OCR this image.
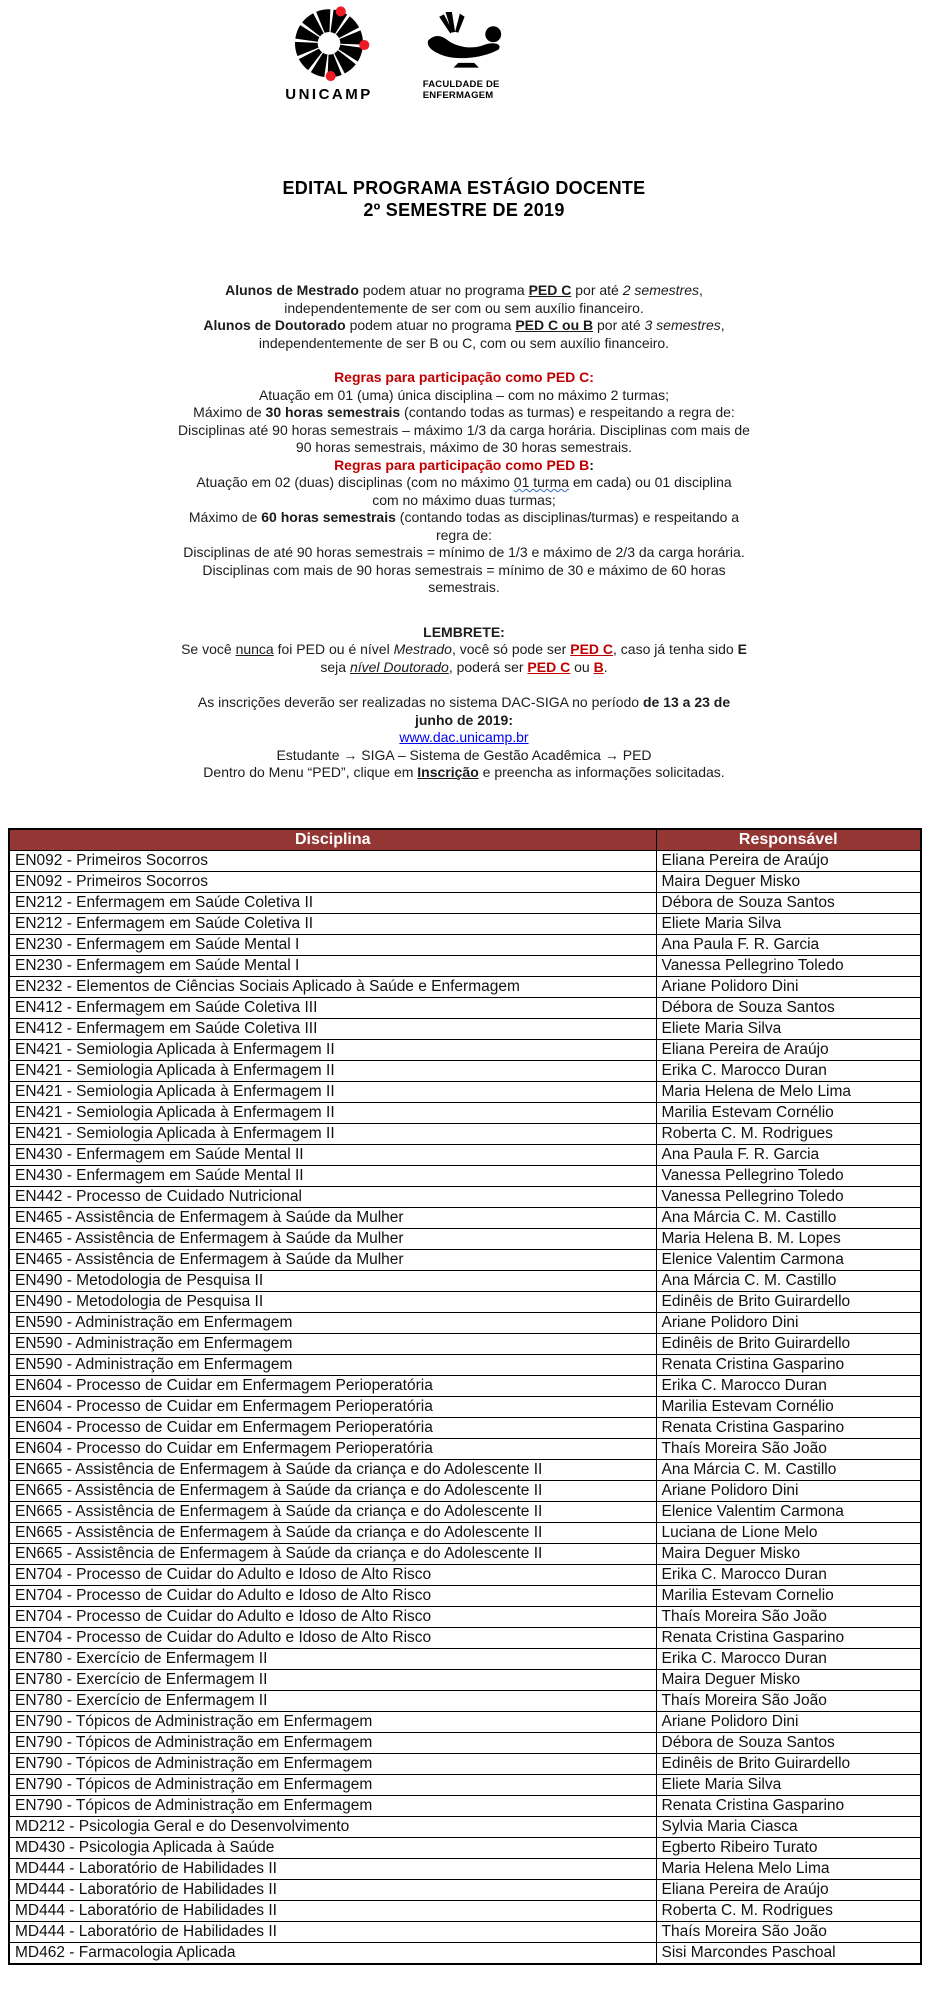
UNICAMP
FACULDADE DE
ENFERMAGEM
EDITAL PROGRAMA ESTÁGIO DOCENTE
2º SEMESTRE DE 2019
Alunos de Mestrado podem atuar no programa PED C por até 2 semestres,
independentemente de ser com ou sem auxílio financeiro.
Alunos de Doutorado podem atuar no programa PED C ou B por até 3 semestres,
independentemente de ser B ou C, com ou sem auxílio financeiro.
Regras para participação como PED C:
Atuação em 01 (uma) única disciplina – com no máximo 2 turmas;
Máximo de 30 horas semestrais (contando todas as turmas) e respeitando a regra de:
Disciplinas até 90 horas semestrais – máximo 1/3 da carga horária. Disciplinas com mais de
90 horas semestrais, máximo de 30 horas semestrais.
Regras para participação como PED B:
Atuação em 02 (duas) disciplinas (com no máximo 01 turma em cada) ou 01 disciplina
com no máximo duas turmas;
Máximo de 60 horas semestrais (contando todas as disciplinas/turmas) e respeitando a
regra de:
Disciplinas de até 90 horas semestrais = mínimo de 1/3 e máximo de 2/3 da carga horária.
Disciplinas com mais de 90 horas semestrais = mínimo de 30 e máximo de 60 horas
semestrais.
LEMBRETE:
Se você nunca foi PED ou é nível Mestrado, você só pode ser PED C, caso já tenha sido E
seja nível Doutorado, poderá ser PED C ou B.
As inscrições deverão ser realizadas no sistema DAC-SIGA no período de 13 a 23 de
junho de 2019:
www.dac.unicamp.br
Estudante → SIGA – Sistema de Gestão Acadêmica → PED
Dentro do Menu “PED”, clique em Inscrição e preencha as informações solicitadas.
Disciplina	Responsável
EN092 - Primeiros Socorros	Eliana Pereira de Araújo
EN092 - Primeiros Socorros	Maira Deguer Misko
EN212 - Enfermagem em Saúde Coletiva II	Débora de Souza Santos
EN212 - Enfermagem em Saúde Coletiva II	Eliete Maria Silva
EN230 - Enfermagem em Saúde Mental I	Ana Paula F. R. Garcia
EN230 - Enfermagem em Saúde Mental I	Vanessa Pellegrino Toledo
EN232 - Elementos de Ciências Sociais Aplicado à Saúde e Enfermagem	Ariane Polidoro Dini
EN412 - Enfermagem em Saúde Coletiva III	Débora de Souza Santos
EN412 - Enfermagem em Saúde Coletiva III	Eliete Maria Silva
EN421 - Semiologia Aplicada à Enfermagem II	Eliana Pereira de Araújo
EN421 - Semiologia Aplicada à Enfermagem II	Erika C. Marocco Duran
EN421 - Semiologia Aplicada à Enfermagem II	Maria Helena de Melo Lima
EN421 - Semiologia Aplicada à Enfermagem II	Marilia Estevam Cornélio
EN421 - Semiologia Aplicada à Enfermagem II	Roberta C. M. Rodrigues
EN430 - Enfermagem em Saúde Mental II	Ana Paula F. R. Garcia
EN430 - Enfermagem em Saúde Mental II	Vanessa Pellegrino Toledo
EN442 - Processo de Cuidado Nutricional	Vanessa Pellegrino Toledo
EN465 - Assistência de Enfermagem à Saúde da Mulher	Ana Márcia C. M. Castillo
EN465 - Assistência de Enfermagem à Saúde da Mulher	Maria Helena B. M. Lopes
EN465 - Assistência de Enfermagem à Saúde da Mulher	Elenice Valentim Carmona
EN490 - Metodologia de Pesquisa II	Ana Márcia C. M. Castillo
EN490 - Metodologia de Pesquisa II	Edinêis de Brito Guirardello
EN590 - Administração em Enfermagem	Ariane Polidoro Dini
EN590 - Administração em Enfermagem	Edinêis de Brito Guirardello
EN590 - Administração em Enfermagem	Renata Cristina Gasparino
EN604 - Processo de Cuidar em Enfermagem Perioperatória	Erika C. Marocco Duran
EN604 - Processo de Cuidar em Enfermagem Perioperatória	Marilia Estevam Cornélio
EN604 - Processo de Cuidar em Enfermagem Perioperatória	Renata Cristina Gasparino
EN604 - Processo do Cuidar em Enfermagem Perioperatória	Thaís Moreira São João
EN665 - Assistência de Enfermagem à Saúde da criança e do Adolescente II	Ana Márcia C. M. Castillo
EN665 - Assistência de Enfermagem à Saúde da criança e do Adolescente II	Ariane Polidoro Dini
EN665 - Assistência de Enfermagem à Saúde da criança e do Adolescente II	Elenice Valentim Carmona
EN665 - Assistência de Enfermagem à Saúde da criança e do Adolescente II	Luciana de Lione Melo
EN665 - Assistência de Enfermagem à Saúde da criança e do Adolescente II	Maira Deguer Misko
EN704 - Processo de Cuidar do Adulto e Idoso de Alto Risco	Erika C. Marocco Duran
EN704 - Processo de Cuidar do Adulto e Idoso de Alto Risco	Marilia Estevam Cornelio
EN704 - Processo de Cuidar do Adulto e Idoso de Alto Risco	Thaís Moreira São João
EN704 - Processo de Cuidar do Adulto e Idoso de Alto Risco	Renata Cristina Gasparino
EN780 - Exercício de Enfermagem II	Erika C. Marocco Duran
EN780 - Exercício de Enfermagem II	Maira Deguer Misko
EN780 - Exercício de Enfermagem II	Thaís Moreira São João
EN790 - Tópicos de Administração em Enfermagem	Ariane Polidoro Dini
EN790 - Tópicos de Administração em Enfermagem	Débora de Souza Santos
EN790 - Tópicos de Administração em Enfermagem	Edinêis de Brito Guirardello
EN790 - Tópicos de Administração em Enfermagem	Eliete Maria Silva
EN790 - Tópicos de Administração em Enfermagem	Renata Cristina Gasparino
MD212 - Psicologia Geral e do Desenvolvimento	Sylvia Maria Ciasca
MD430 - Psicologia Aplicada à Saúde	Egberto Ribeiro Turato
MD444 - Laboratório de Habilidades II	Maria Helena Melo Lima
MD444 - Laboratório de Habilidades II	Eliana Pereira de Araújo
MD444 - Laboratório de Habilidades II	Roberta C. M. Rodrigues
MD444 - Laboratório de Habilidades II	Thaís Moreira São João
MD462 - Farmacologia Aplicada	Sisi Marcondes Paschoal
